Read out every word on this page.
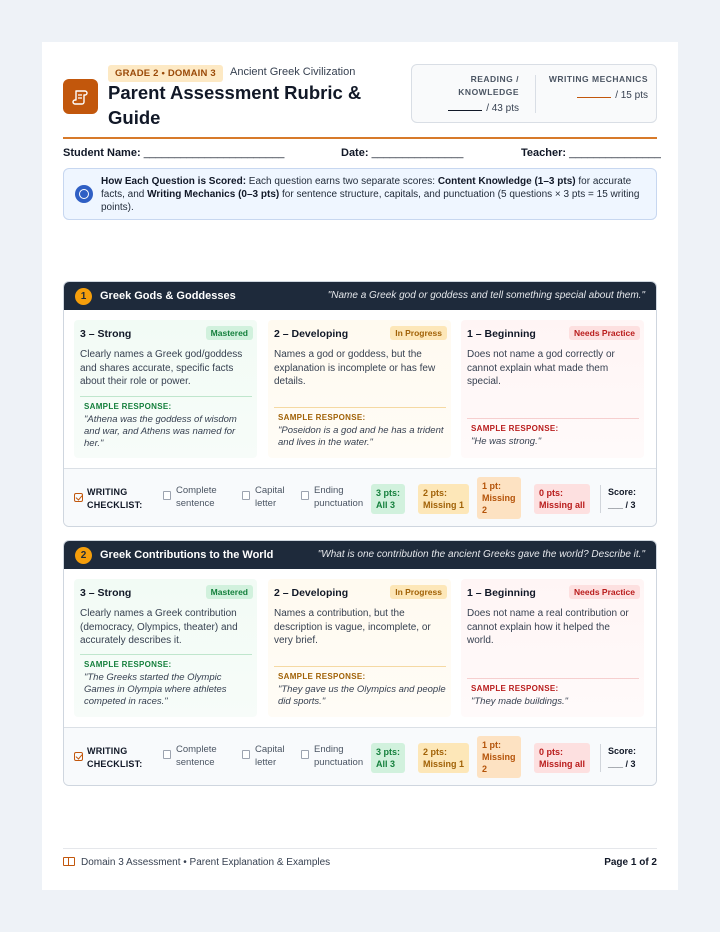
GRADE 2 • DOMAIN 3	Ancient Greek Civilization
Parent Assessment Rubric & Guide
READING / KNOWLEDGE
/ 43 pts
WRITING MECHANICS
/ 15 pts
Student Name: _______________________	Date: _______________	Teacher: _______________
How Each Question is Scored: Each question earns two separate scores: Content Knowledge (1–3 pts) for accurate facts, and Writing Mechanics (0–3 pts) for sentence structure, capitals, and punctuation (5 questions × 3 pts = 15 writing points).
1	Greek Gods & Goddesses	"Name a Greek god or goddess and tell something special about them."
3 – Strong	Mastered
Clearly names a Greek god/goddess and shares accurate, specific facts about their role or power.
SAMPLE RESPONSE:
"Athena was the goddess of wisdom and war, and Athens was named for her."
2 – Developing	In Progress
Names a god or goddess, but the explanation is incomplete or has few details.
SAMPLE RESPONSE:
"Poseidon is a god and he has a trident and lives in the water."
1 – Beginning	Needs Practice
Does not name a god correctly or cannot explain what made them special.
SAMPLE RESPONSE:
"He was strong."
WRITING
CHECKLIST:
Complete
sentence
Capital
letter
Ending
punctuation
3 pts:
All 3
2 pts:
Missing 1
1 pt:
Missing
2
0 pts:
Missing all
Score:
___ / 3
2	Greek Contributions to the World	"What is one contribution the ancient Greeks gave the world? Describe it."
3 – Strong	Mastered
Clearly names a Greek contribution (democracy, Olympics, theater) and accurately describes it.
SAMPLE RESPONSE:
"The Greeks started the Olympic Games in Olympia where athletes competed in races."
2 – Developing	In Progress
Names a contribution, but the description is vague, incomplete, or very brief.
SAMPLE RESPONSE:
"They gave us the Olympics and people did sports."
1 – Beginning	Needs Practice
Does not name a real contribution or cannot explain how it helped the world.
SAMPLE RESPONSE:
"They made buildings."
WRITING
CHECKLIST:
Complete
sentence
Capital
letter
Ending
punctuation
3 pts:
All 3
2 pts:
Missing 1
1 pt:
Missing
2
0 pts:
Missing all
Score:
___ / 3
Domain 3 Assessment • Parent Explanation & Examples	Page 1 of 2
